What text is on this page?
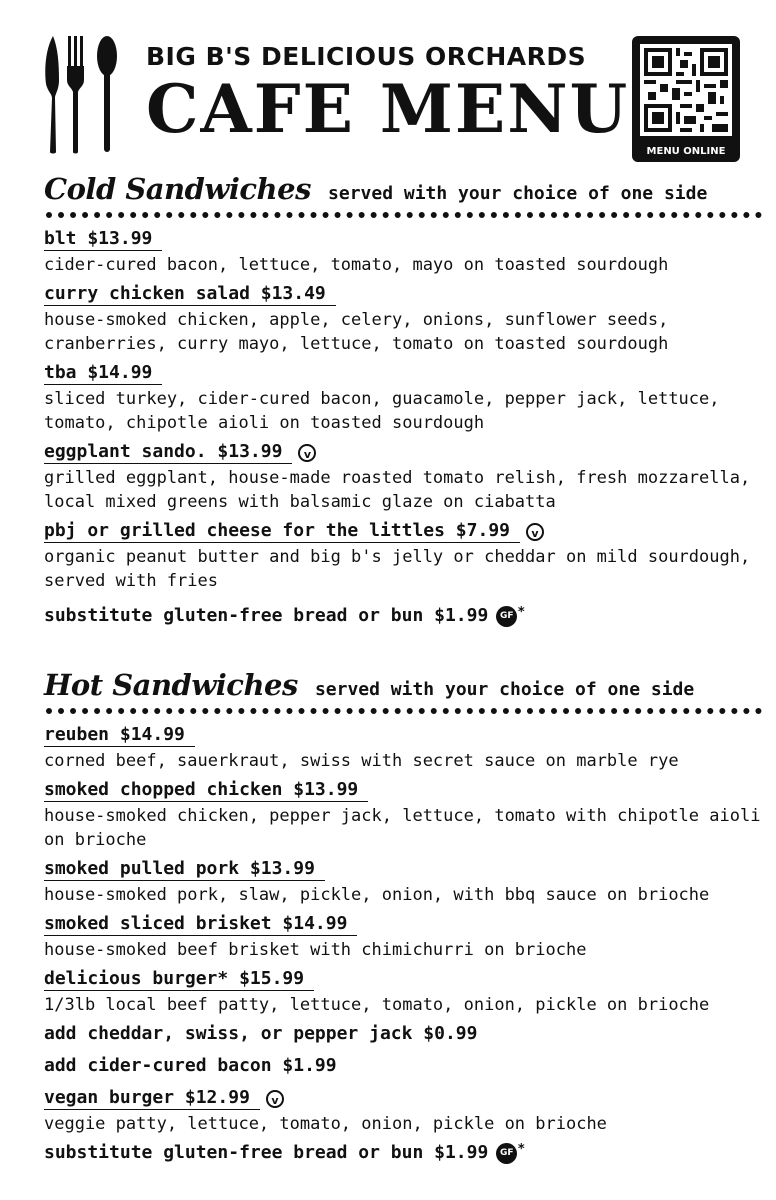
BIG B'S DELICIOUS ORCHARDS
CAFE MENU
MENU ONLINE
Cold Sandwiches served with your choice of one side
blt $13.99
cider-cured bacon, lettuce, tomato, mayo on toasted sourdough
curry chicken salad $13.49
house-smoked chicken, apple, celery, onions, sunflower seeds, cranberries, curry mayo, lettuce, tomato on toasted sourdough
tba $14.99
sliced turkey, cider-cured bacon, guacamole, pepper jack, lettuce, tomato, chipotle aioli on toasted sourdough
eggplant sando. $13.99 v
grilled eggplant, house-made roasted tomato relish, fresh mozzarella, local mixed greens with balsamic glaze on ciabatta
pbj or grilled cheese for the littles $7.99 v
organic peanut butter and big b's jelly or cheddar on mild sourdough, served with fries
substitute gluten-free bread or bun $1.99 GF *
Hot Sandwiches served with your choice of one side
reuben $14.99
corned beef, sauerkraut, swiss with secret sauce on marble rye
smoked chopped chicken $13.99
house-smoked chicken, pepper jack, lettuce, tomato with chipotle aioli on brioche
smoked pulled pork $13.99
house-smoked pork, slaw, pickle, onion, with bbq sauce on brioche
smoked sliced brisket $14.99
house-smoked beef brisket with chimichurri on brioche
delicious burger* $15.99
1/3lb local beef patty, lettuce, tomato, onion, pickle on brioche
add cheddar, swiss, or pepper jack $0.99
add cider-cured bacon $1.99
vegan burger $12.99 v
veggie patty, lettuce, tomato, onion, pickle on brioche
substitute gluten-free bread or bun $1.99 GF *
